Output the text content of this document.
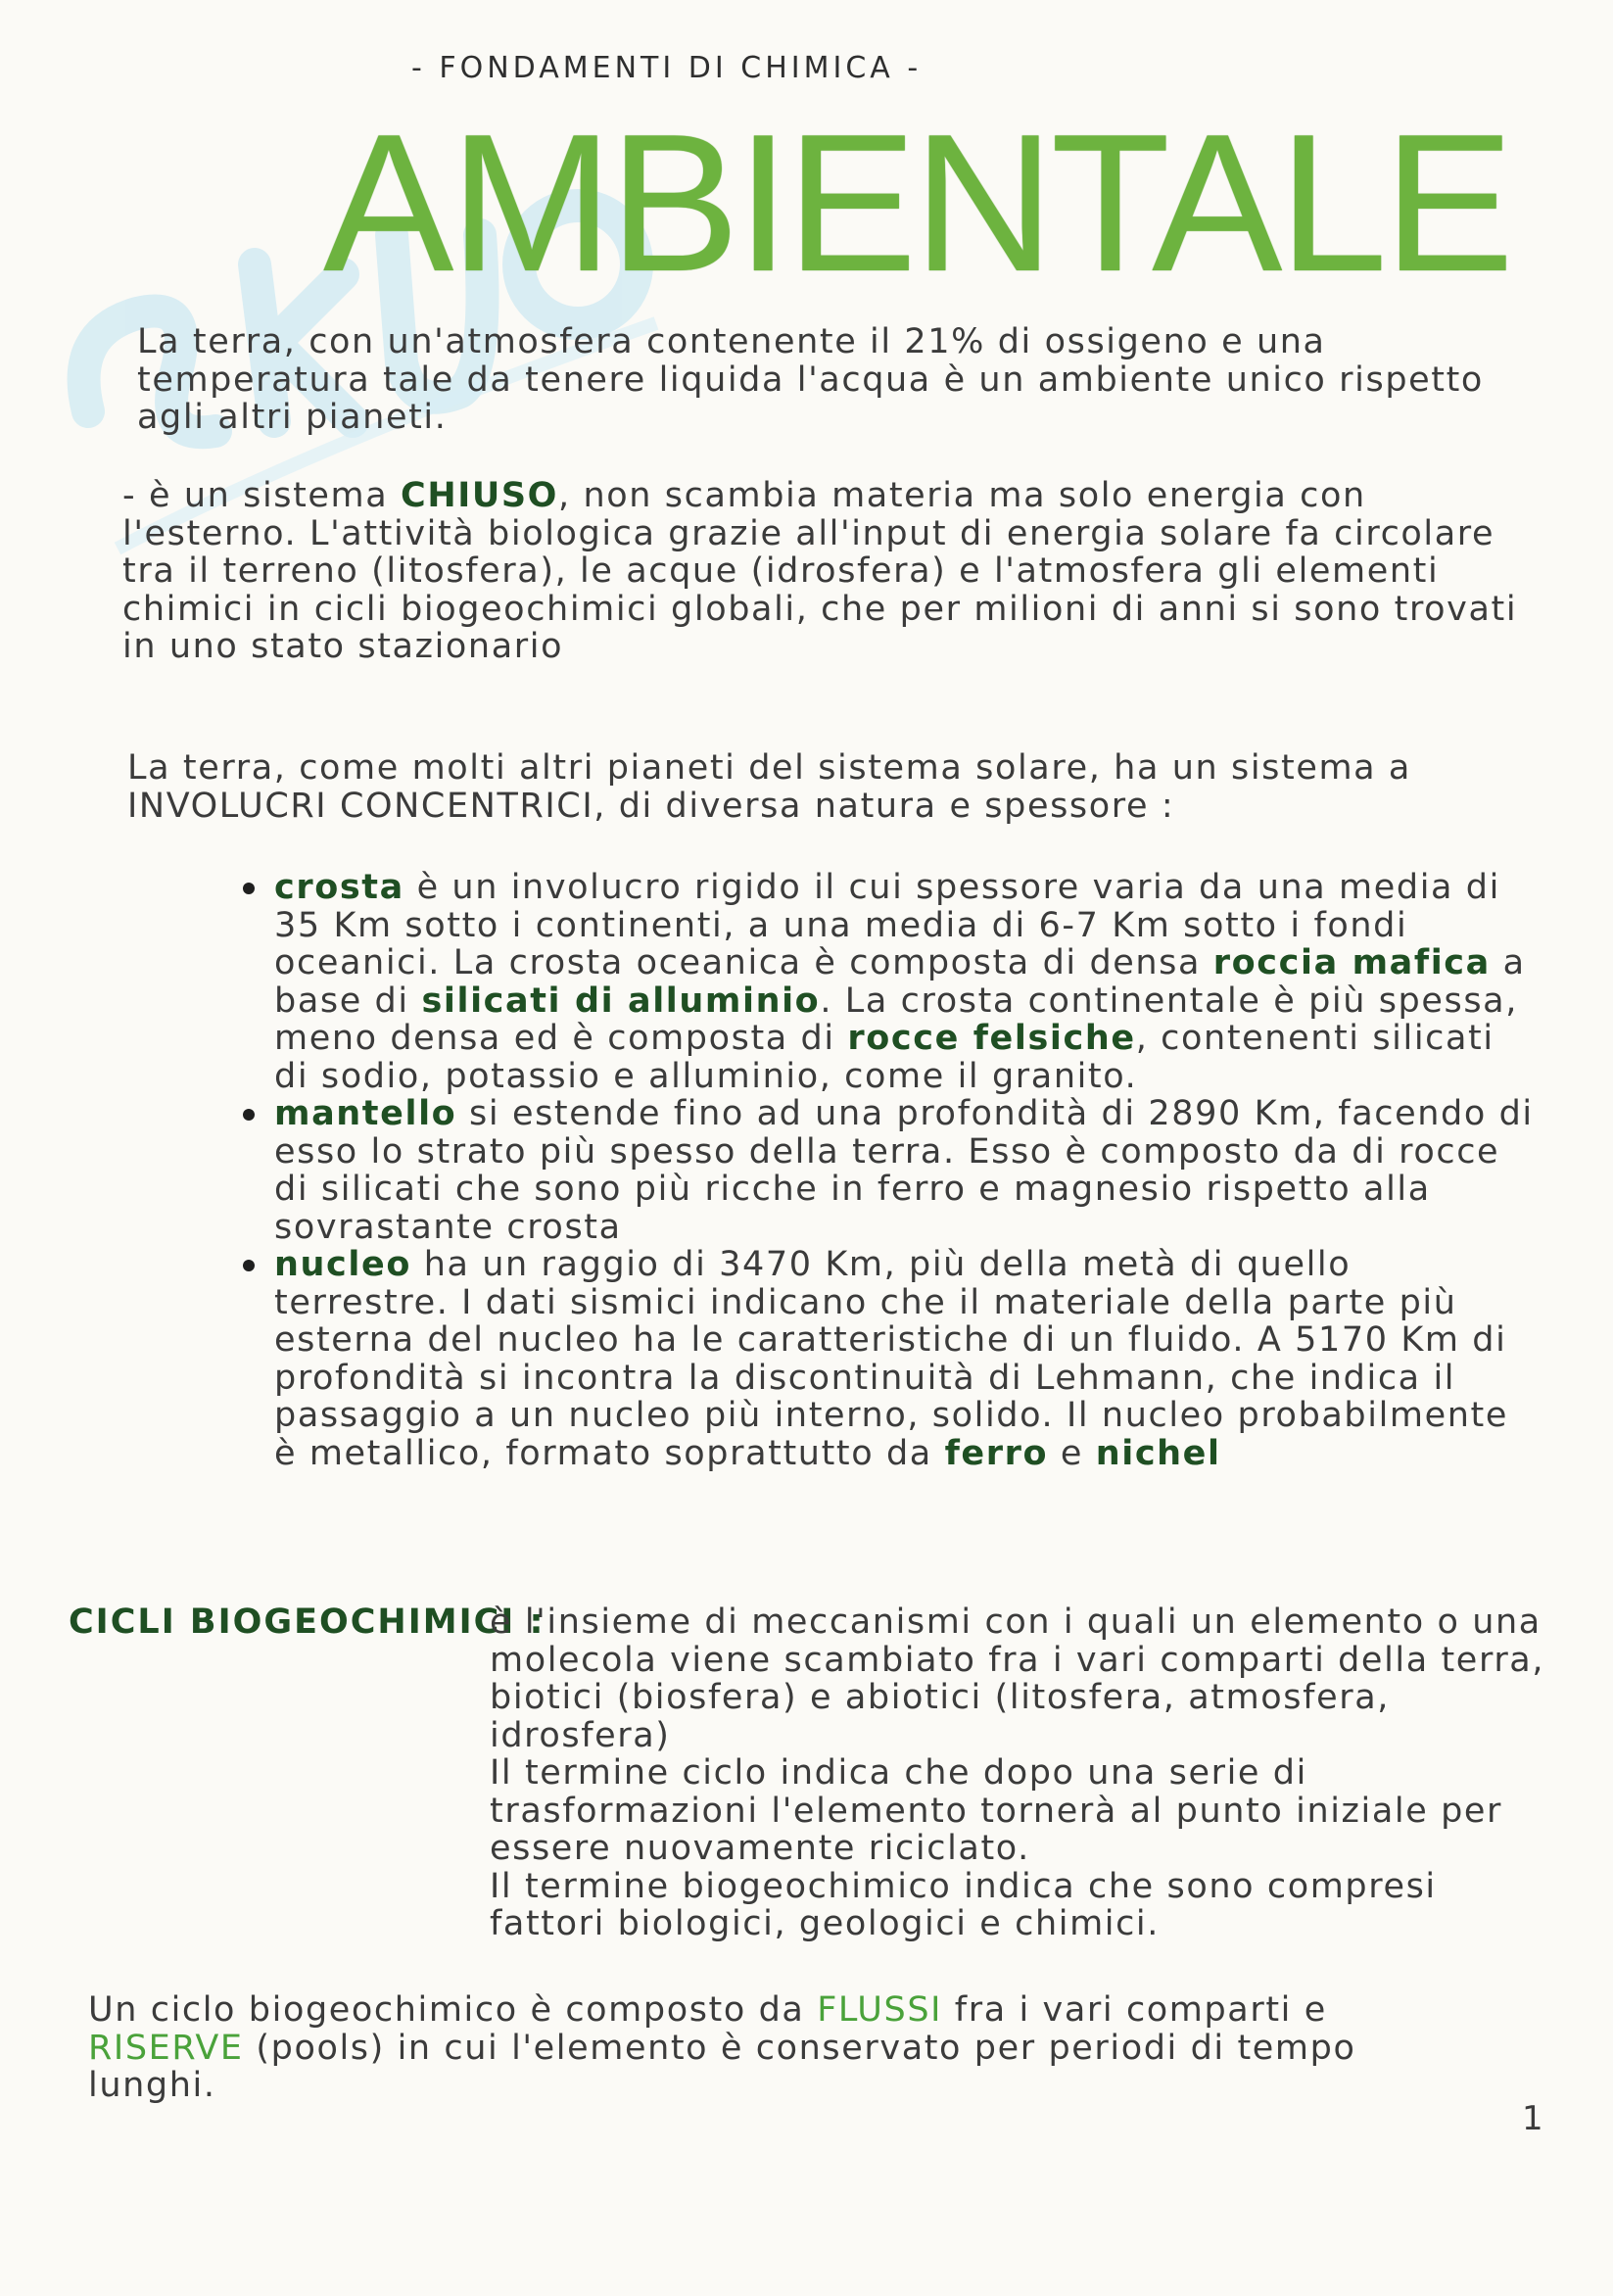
- FONDAMENTI DI CHIMICA -
AMBIENTALE

La terra, con un'atmosfera contenente il 21% di ossigeno e una temperatura tale da tenere liquida l'acqua è un ambiente unico rispetto agli altri pianeti.

- è un sistema CHIUSO, non scambia materia ma solo energia con l'esterno. L'attività biologica grazie all'input di energia solare fa circolare tra il terreno (litosfera), le acque (idrosfera) e l'atmosfera gli elementi chimici in cicli biogeochimici globali, che per milioni di anni si sono trovati in uno stato stazionario

La terra, come molti altri pianeti del sistema solare, ha un sistema a INVOLUCRI CONCENTRICI, di diversa natura e spessore :

crosta è un involucro rigido il cui spessore varia da una media di 35 Km sotto i continenti, a una media di 6-7 Km sotto i fondi oceanici. La crosta oceanica è composta di densa roccia mafica a base di silicati di alluminio. La crosta continentale è più spessa, meno densa ed è composta di rocce felsiche, contenenti silicati di sodio, potassio e alluminio, come il granito.
mantello si estende fino ad una profondità di 2890 Km, facendo di esso lo strato più spesso della terra. Esso è composto da di rocce di silicati che sono più ricche in ferro e magnesio rispetto alla sovrastante crosta
nucleo ha un raggio di 3470 Km, più della metà di quello terrestre. I dati sismici indicano che il materiale della parte più esterna del nucleo ha le caratteristiche di un fluido. A 5170 Km di profondità si incontra la discontinuità di Lehmann, che indica il passaggio a un nucleo più interno, solido. Il nucleo probabilmente è metallico, formato soprattutto da ferro e nichel
CICLI BIOGEOCHIMICI :

è l'insieme di meccanismi con i quali un elemento o una molecola viene scambiato fra i vari comparti della terra, biotici (biosfera) e abiotici (litosfera, atmosfera, idrosfera)

Il termine ciclo indica che dopo una serie di trasformazioni l'elemento tornerà al punto iniziale per essere nuovamente riciclato.

Il termine biogeochimico indica che sono compresi fattori biologici, geologici e chimici.

Un ciclo biogeochimico è composto da FLUSSI fra i vari comparti e RISERVE (pools) in cui l'elemento è conservato per periodi di tempo lunghi.

1
